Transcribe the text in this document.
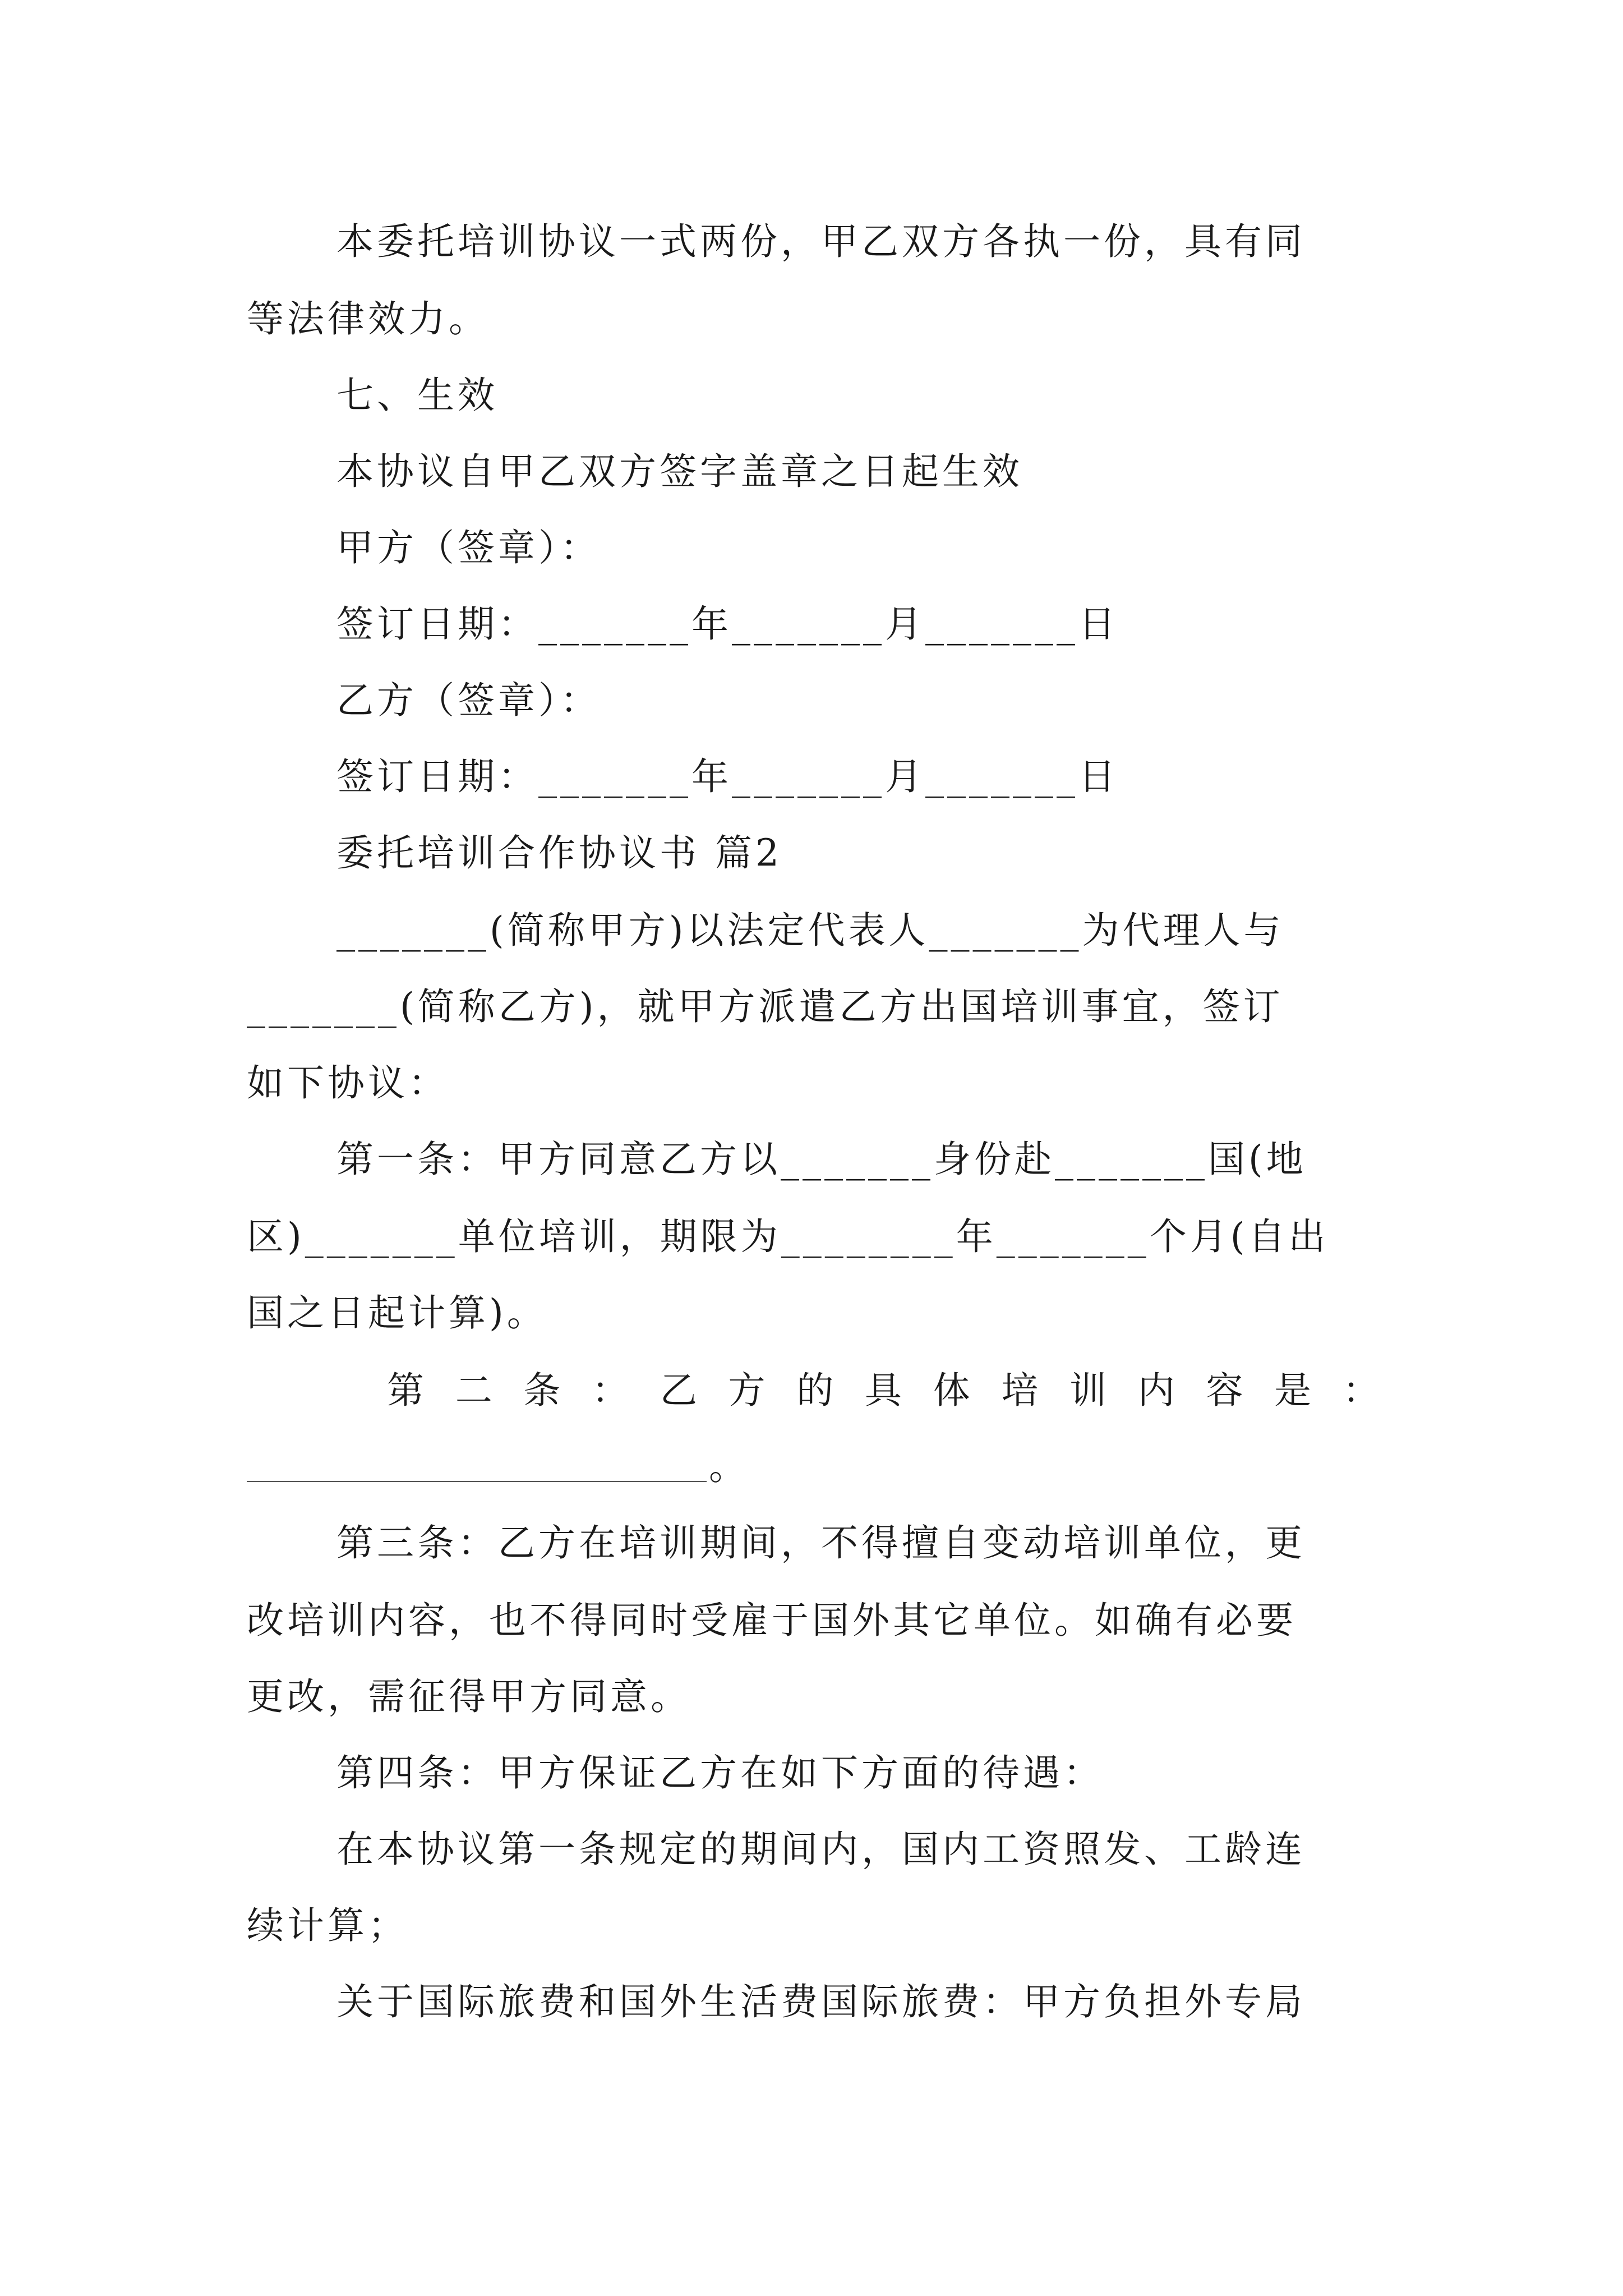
本委托培训协议一式两份，甲乙双方各执一份，具有同
等法律效力。
七、生效
本协议自甲乙双方签字盖章之日起生效
甲方（签章）：
签订日期：_______年_______月_______日
乙方（签章）：
签订日期：_______年_______月_______日
委托培训合作协议书 篇2
_______(简称甲方)以法定代表人_______为代理人与
_______(简称乙方)，就甲方派遣乙方出国培训事宜，签订
如下协议：
第一条：甲方同意乙方以_______身份赴_______国(地
区)_______单位培训，期限为________年_______个月(自出
国之日起计算)。
第 二 条 ： 乙 方 的 具 体 培 训 内 容 是 ：
。
第三条：乙方在培训期间，不得擅自变动培训单位，更
改培训内容，也不得同时受雇于国外其它单位。如确有必要
更改，需征得甲方同意。
第四条：甲方保证乙方在如下方面的待遇：
在本协议第一条规定的期间内，国内工资照发、工龄连
续计算；
关于国际旅费和国外生活费国际旅费：甲方负担外专局
